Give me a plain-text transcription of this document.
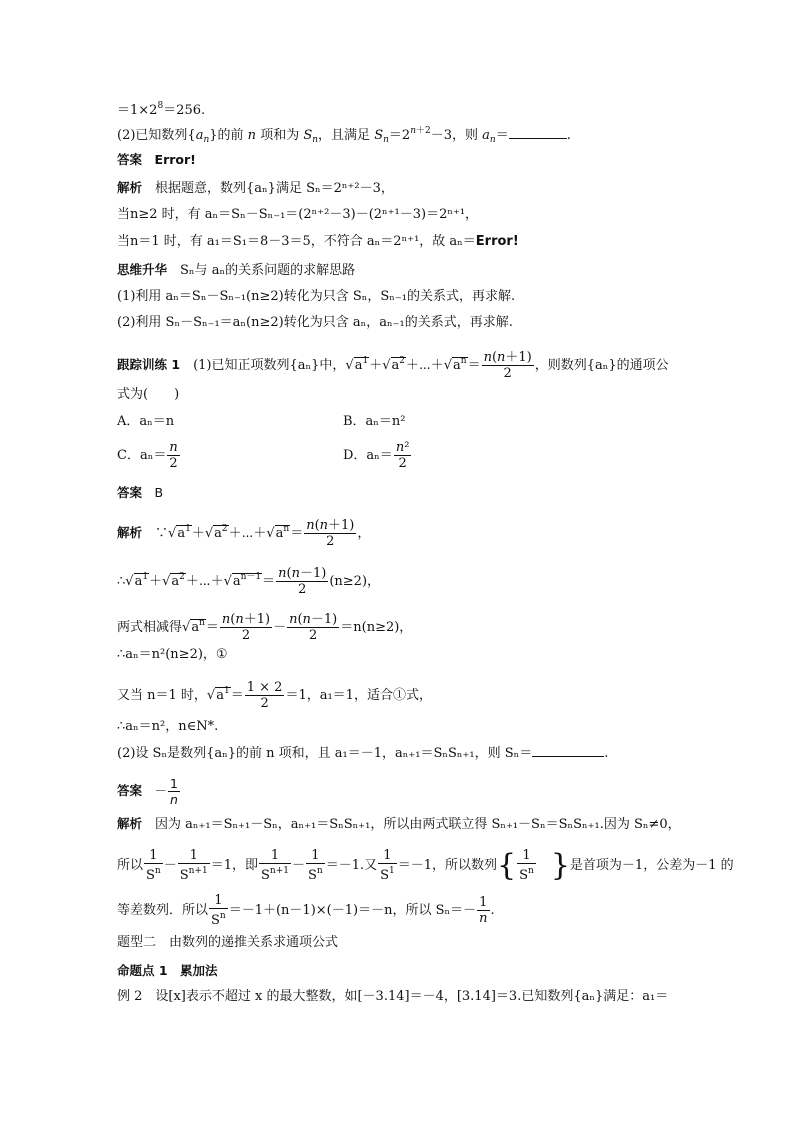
$=1\times 2^8=256$.
(2)已知数列$\{a_n\}$的前 n 项和为 $S_n$，且满足 $S_n=2^{n+2}-3$，则 $a_n=$	.
答案　 Error!
解析　 根据题意，数列{aₙ}满足 Sₙ＝2ⁿ⁺²－3，
当n≥2 时，有 aₙ＝Sₙ－Sₙ₋₁＝(2ⁿ⁺²－3)－(2ⁿ⁺¹－3)＝2ⁿ⁺¹，
当n＝1 时，有 a₁＝S₁＝8－3＝5，不符合 aₙ＝2ⁿ⁺¹，故 aₙ＝Error!
思维升华　 Sₙ与 aₙ的关系问题的求解思路
(1)利用 aₙ＝Sₙ－Sₙ₋₁(n≥2)转化为只含 Sₙ，Sₙ₋₁的关系式，再求解.
(2)利用 Sₙ－Sₙ₋₁＝aₙ(n≥2)转化为只含 aₙ，aₙ₋₁的关系式，再求解.
跟踪训练 1　 (1)已知正项数列{aₙ}中，$√a^1+√a^2+\cdots+√a^n= \frac{n(n+1)}{2}$ ，则数列{aₙ}的通项公
式为(　　)
A．aₙ＝n	B．aₙ＝n²
C．$a_n= \frac{n}{2}$	D．$a_n= \frac{\text{n²}}{2}$
答案　 B
解析　 $\because√a^1+√a^2+\cdots+√a^n= \frac{n(n+1)}{2}$ ，
$\therefore√a^1+√a^2+\cdots+√a^{n-1}= \frac{n(n-1)}{2} (n\ge 2)$，
两式相减得$√a^n= \frac{n(n+1)}{2} - \frac{n(n-1)}{2} =n(n\ge 2)$，
∴aₙ＝n²(n≥2)，①
又当 n＝1 时，$√a^1= \frac{1 \times 2}{2} =1$，a₁＝1，适合①式，
∴aₙ＝n²，n∈N*.
(2)设 Sₙ是数列{aₙ}的前 n 项和，且 a₁＝－1，aₙ₊₁＝SₙSₙ₊₁，则 Sₙ＝	.
答案　 － $\frac{1}{n}$
解析　 因为 aₙ₊₁＝Sₙ₊₁－Sₙ，aₙ₊₁＝SₙSₙ₊₁，所以由两式联立得 Sₙ₊₁－Sₙ＝SₙSₙ₊₁.因为 Sₙ≠0，
所以 $\frac{1}{S^n} - \frac{1}{S^{n+1}} =1$，即 $\frac{1}{S^{n+1}} - \frac{1}{S^n} =-1$.又 $\frac{1}{S^1} =-1$，所以数列{ $\frac{1}{S^n}$ }是首项为－1，公差为－1 的
等差数列．所以 $\frac{1}{S^n} =-1+(n-1)\times(-1)=-n$，所以 $S_n=- \frac{1}{n}$ .
题型二　由数列的递推关系求通项公式
命题点 1　累加法
例 2　设[x]表示不超过 x 的最大整数，如[－3.14]＝－4，[3.14]＝3.已知数列{aₙ}满足：a₁＝
